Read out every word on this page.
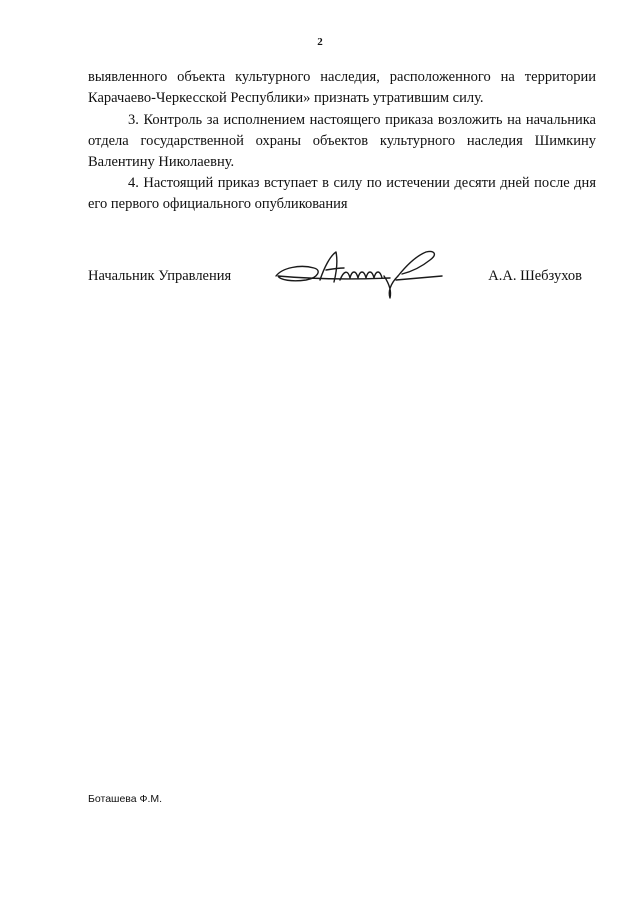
2
выявленного объекта культурного наследия, расположенного на территории Карачаево-Черкесской Республики» признать утратившим силу.
3. Контроль за исполнением настоящего приказа возложить на начальника отдела государственной охраны объектов культурного наследия Шимкину Валентину Николаевну.
4. Настоящий приказ вступает в силу по истечении десяти дней после дня его первого официального опубликования
Начальник Управления	А.А. Шебзухов
Боташева Ф.М.
